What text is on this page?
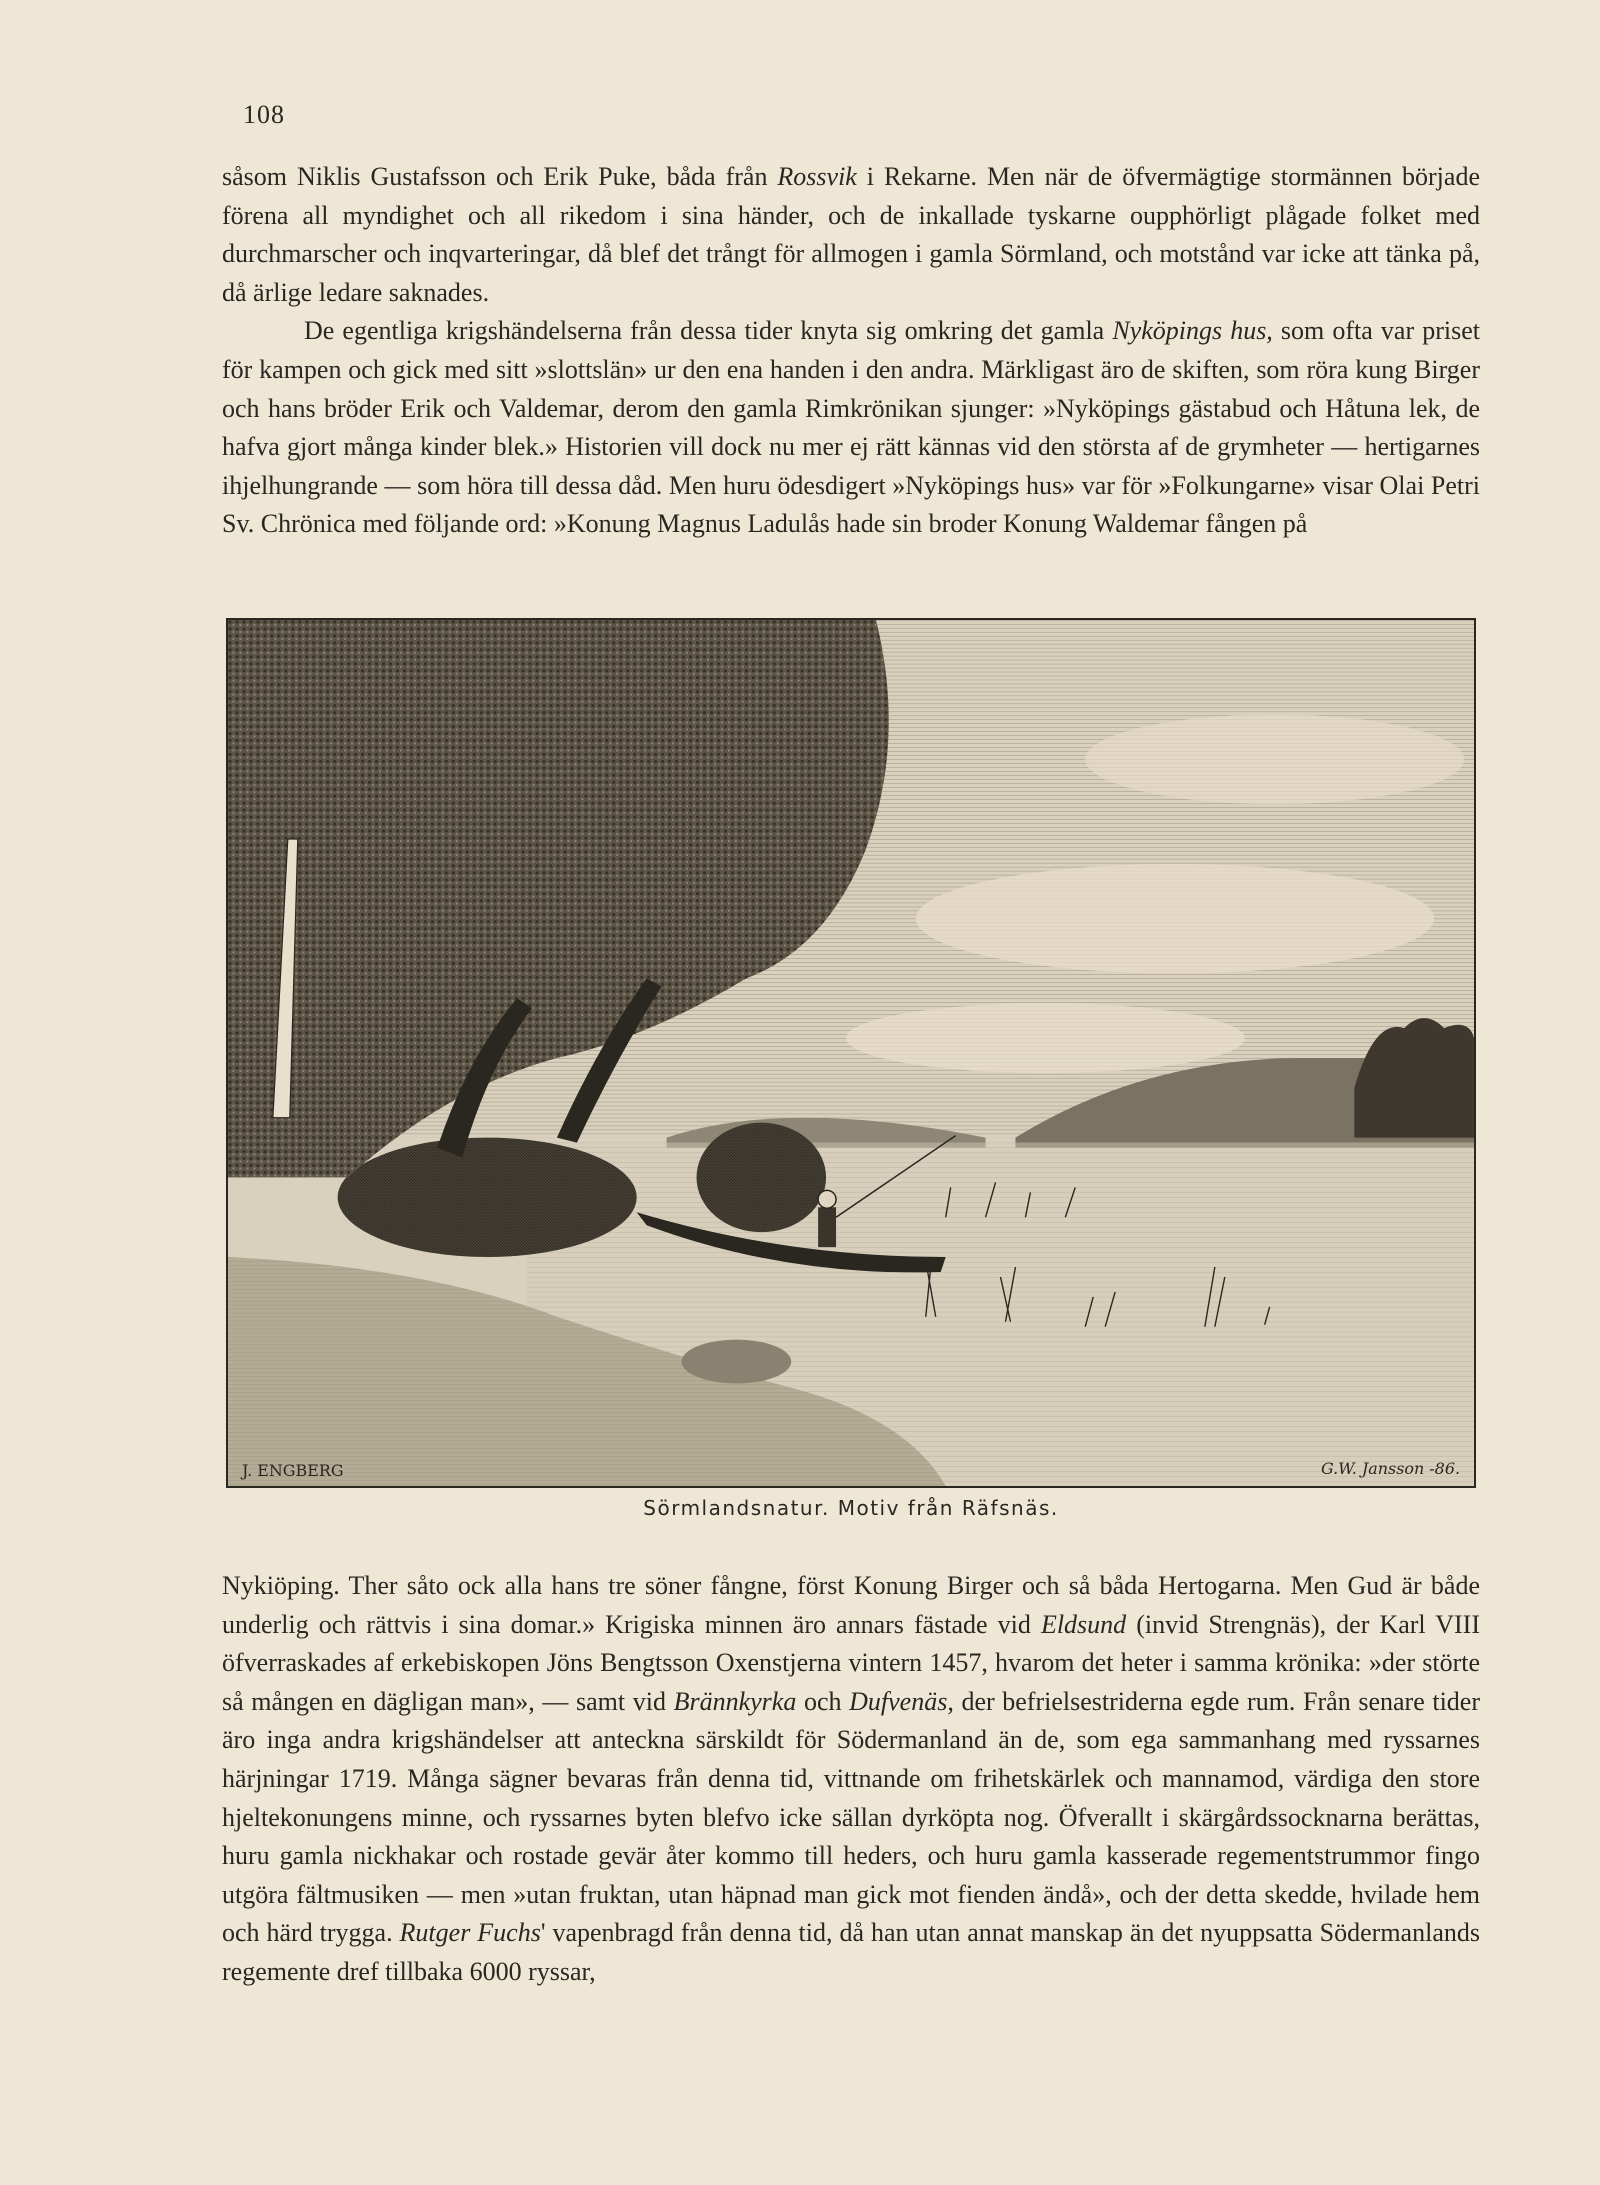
108

såsom Niklis Gustafsson och Erik Puke, båda från Rossvik i Rekarne. Men när de öfvermägtige stormännen började förena all myndighet och all rikedom i sina händer, och de inkallade tyskarne oupphörligt plågade folket med durchmarscher och inqvarteringar, då blef det trångt för allmogen i gamla Sörmland, och motstånd var icke att tänka på, då ärlige ledare saknades.

De egentliga krigshändelserna från dessa tider knyta sig omkring det gamla Nyköpings hus, som ofta var priset för kampen och gick med sitt »slottslän» ur den ena handen i den andra. Märkligast äro de skiften, som röra kung Birger och hans bröder Erik och Valdemar, derom den gamla Rimkrönikan sjunger: »Nyköpings gästabud och Håtuna lek, de hafva gjort många kinder blek.» Historien vill dock nu mer ej rätt kännas vid den största af de grymheter — hertigarnes ihjelhungrande — som höra till dessa dåd. Men huru ödesdigert »Nyköpings hus» var för »Folkungarne» visar Olai Petri Sv. Chrönica med följande ord: »Konung Magnus Ladulås hade sin broder Konung Waldemar fången på

J. ENGBERG	G.W. Jansson -86.
Sörmlandsnatur. Motiv från Räfsnäs.

Nykiöping. Ther såto ock alla hans tre söner fångne, först Konung Birger och så båda Hertogarna. Men Gud är både underlig och rättvis i sina domar.» Krigiska minnen äro annars fästade vid Eldsund (invid Strengnäs), der Karl VIII öfverraskades af erkebiskopen Jöns Bengtsson Oxenstjerna vintern 1457, hvarom det heter i samma krönika: »der störte så mången en dägligan man», — samt vid Brännkyrka och Dufvenäs, der befrielsestriderna egde rum. Från senare tider äro inga andra krigshändelser att anteckna särskildt för Södermanland än de, som ega sammanhang med ryssarnes härjningar 1719. Många sägner bevaras från denna tid, vittnande om frihetskärlek och mannamod, värdiga den store hjeltekonungens minne, och ryssarnes byten blefvo icke sällan dyrköpta nog. Öfverallt i skärgårdssocknarna berättas, huru gamla nickhakar och rostade gevär åter kommo till heders, och huru gamla kasserade regementstrummor fingo utgöra fältmusiken — men »utan fruktan, utan häpnad man gick mot fienden ändå», och der detta skedde, hvilade hem och härd trygga. Rutger Fuchs' vapenbragd från denna tid, då han utan annat manskap än det nyuppsatta Södermanlands regemente dref tillbaka 6000 ryssar,
